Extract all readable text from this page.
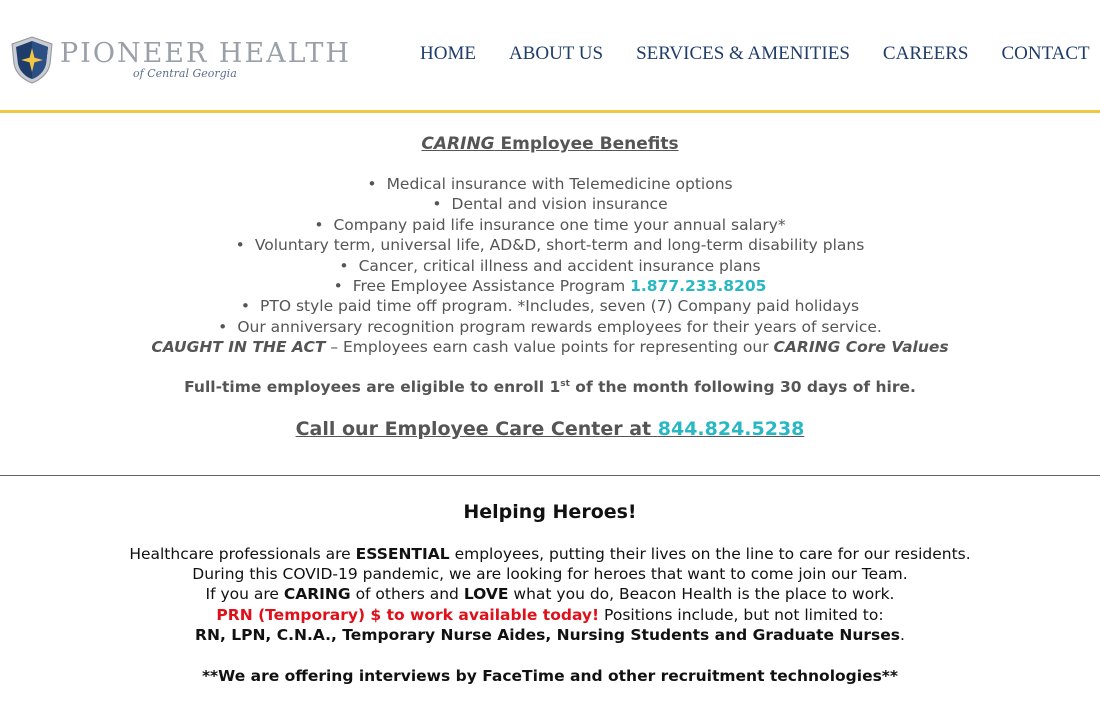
PIONEER HEALTH
of Central Georgia
HOME ABOUT US SERVICES & AMENITIES CAREERS CONTACT
CARING Employee Benefits
• Medical insurance with Telemedicine options
• Dental and vision insurance
• Company paid life insurance one time your annual salary*
• Voluntary term, universal life, AD&D, short-term and long-term disability plans
• Cancer, critical illness and accident insurance plans
• Free Employee Assistance Program 1.877.233.8205
• PTO style paid time off program. *Includes, seven (7) Company paid holidays
• Our anniversary recognition program rewards employees for their years of service.
CAUGHT IN THE ACT – Employees earn cash value points for representing our CARING Core Values
Full-time employees are eligible to enroll 1st of the month following 30 days of hire.
Call our Employee Care Center at 844.824.5238
Helping Heroes!

Healthcare professionals are ESSENTIAL employees, putting their lives on the line to care for our residents.

During this COVID-19 pandemic, we are looking for heroes that want to come join our Team.

If you are CARING of others and LOVE what you do, Beacon Health is the place to work.

PRN (Temporary) $ to work available today! Positions include, but not limited to:

RN, LPN, C.N.A., Temporary Nurse Aides, Nursing Students and Graduate Nurses.

**We are offering interviews by FaceTime and other recruitment technologies**
